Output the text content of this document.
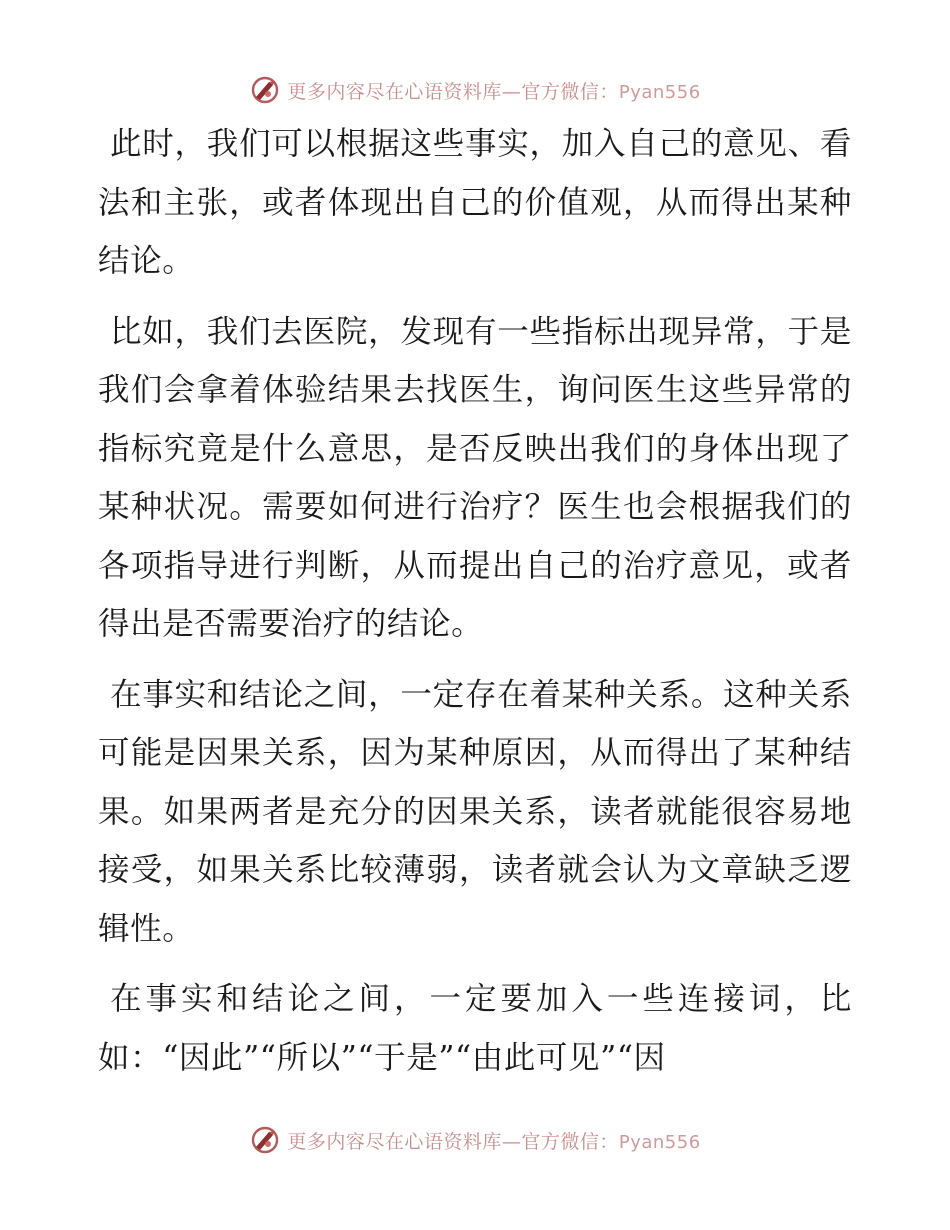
更多内容尽在心语资料库—官方微信：Pyan556

此时，我们可以根据这些事实，加入自己的意见、看法和主张，或者体现出自己的价值观，从而得出某种结论。

比如，我们去医院，发现有一些指标出现异常，于是我们会拿着体验结果去找医生，询问医生这些异常的指标究竟是什么意思，是否反映出我们的身体出现了某种状况。需要如何进行治疗？医生也会根据我们的各项指导进行判断，从而提出自己的治疗意见，或者得出是否需要治疗的结论。

在事实和结论之间，一定存在着某种关系。这种关系可能是因果关系，因为某种原因，从而得出了某种结果。如果两者是充分的因果关系，读者就能很容易地接受，如果关系比较薄弱，读者就会认为文章缺乏逻辑性。

在事实和结论之间，一定要加入一些连接词，比如：“因此”“所以”“于是”“由此可见”“因

更多内容尽在心语资料库—官方微信：Pyan556
